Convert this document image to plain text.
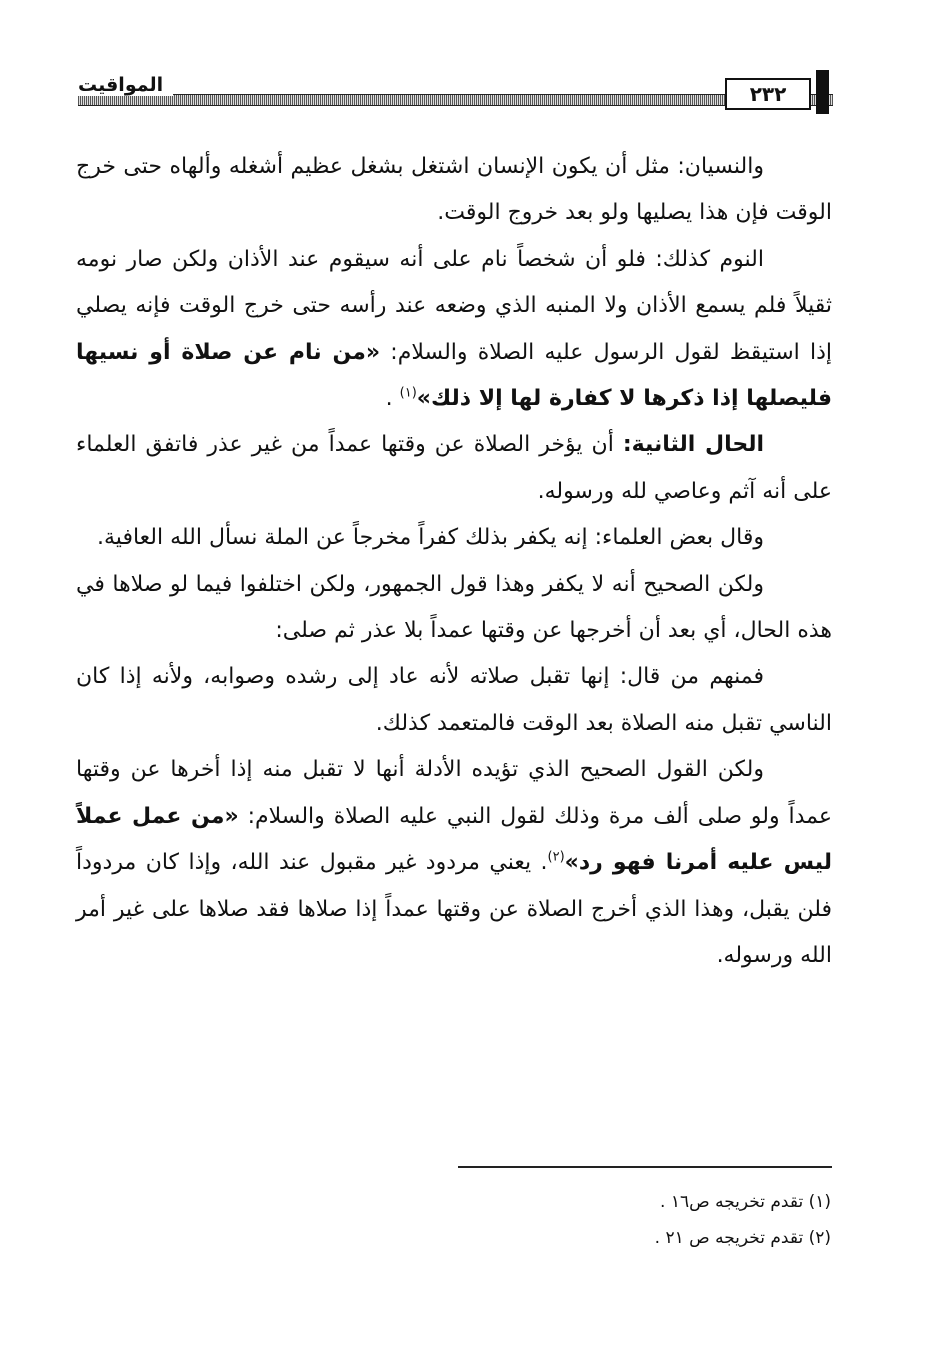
المواقيت	٢٣٢

والنسيان: مثل أن يكون الإنسان اشتغل بشغل عظيم أشغله وألهاه حتى خرج الوقت فإن هذا يصليها ولو بعد خروج الوقت.

النوم كذلك: فلو أن شخصاً نام على أنه سيقوم عند الأذان ولكن صار نومه ثقيلاً فلم يسمع الأذان ولا المنبه الذي وضعه عند رأسه حتى خرج الوقت فإنه يصلي إذا استيقظ لقول الرسول عليه الصلاة والسلام: «من نام عن صلاة أو نسيها فليصلها إذا ذكرها لا كفارة لها إلا ذلك»$^{(١)}$ .

الحال الثانية: أن يؤخر الصلاة عن وقتها عمداً من غير عذر فاتفق العلماء على أنه آثم وعاصي لله ورسوله.

وقال بعض العلماء: إنه يكفر بذلك كفراً مخرجاً عن الملة نسأل الله العافية.

ولكن الصحيح أنه لا يكفر وهذا قول الجمهور، ولكن اختلفوا فيما لو صلاها في هذه الحال، أي بعد أن أخرجها عن وقتها عمداً بلا عذر ثم صلى:

فمنهم من قال: إنها تقبل صلاته لأنه عاد إلى رشده وصوابه، ولأنه إذا كان الناسي تقبل منه الصلاة بعد الوقت فالمتعمد كذلك.

ولكن القول الصحيح الذي تؤيده الأدلة أنها لا تقبل منه إذا أخرها عن وقتها عمداً ولو صلى ألف مرة وذلك لقول النبي عليه الصلاة والسلام: «من عمل عملاً ليس عليه أمرنا فهو رد»$^{(٢)}$. يعني مردود غير مقبول عند الله، وإذا كان مردوداً فلن يقبل، وهذا الذي أخرج الصلاة عن وقتها عمداً إذا صلاها فقد صلاها على غير أمر الله ورسوله.

(١) تقدم تخريجه ص١٦ .
(٢) تقدم تخريجه ص ٢١ .
